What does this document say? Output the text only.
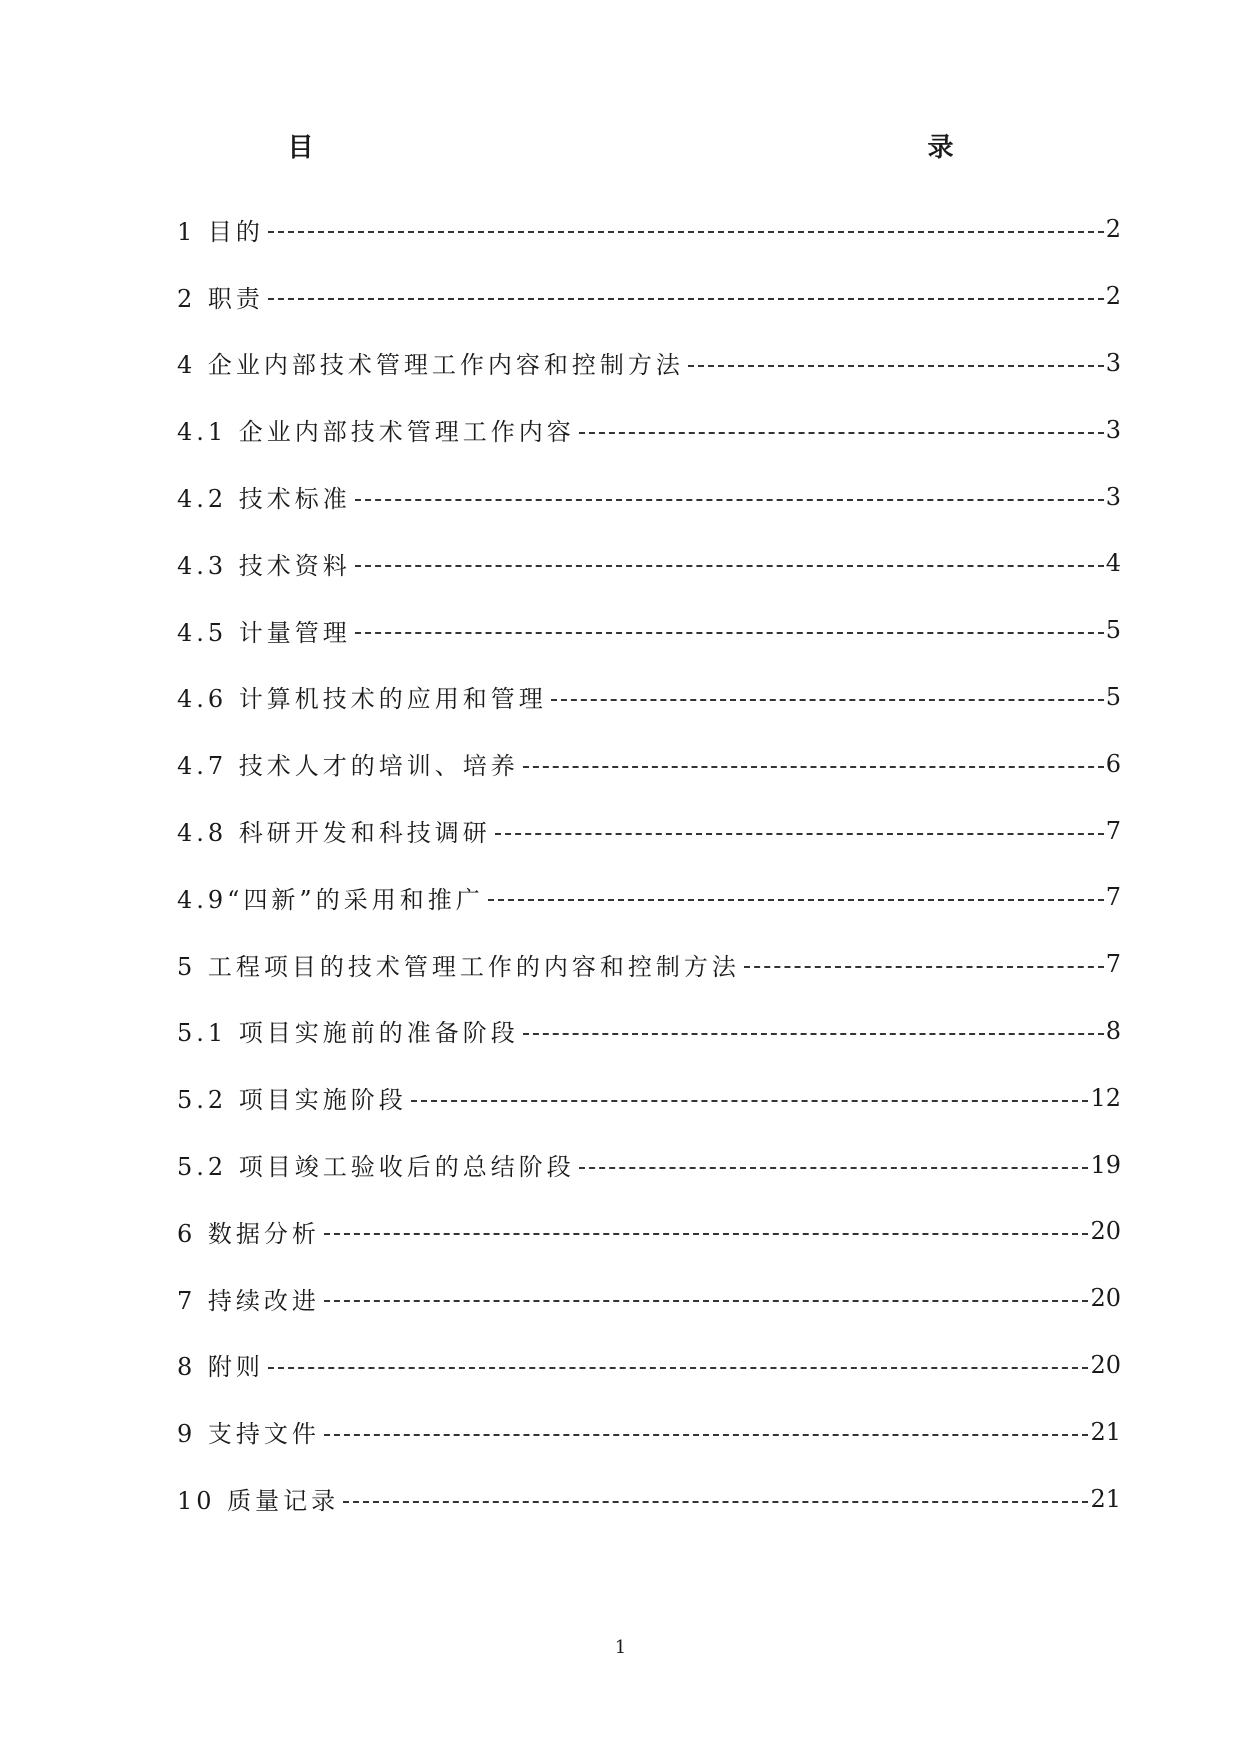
目　　　录
1 目的	2
2 职责	2
4 企业内部技术管理工作内容和控制方法	3
4.1 企业内部技术管理工作内容	3
4.2 技术标准	3
4.3 技术资料	4
4.5 计量管理	5
4.6 计算机技术的应用和管理	5
4.7 技术人才的培训、培养	6
4.8 科研开发和科技调研	7
4.9“四新”的采用和推广	7
5 工程项目的技术管理工作的内容和控制方法	7
5.1 项目实施前的准备阶段	8
5.2 项目实施阶段	12
5.2 项目竣工验收后的总结阶段	19
6 数据分析	20
7 持续改进	20
8 附则	20
9 支持文件	21
10 质量记录	21
1
